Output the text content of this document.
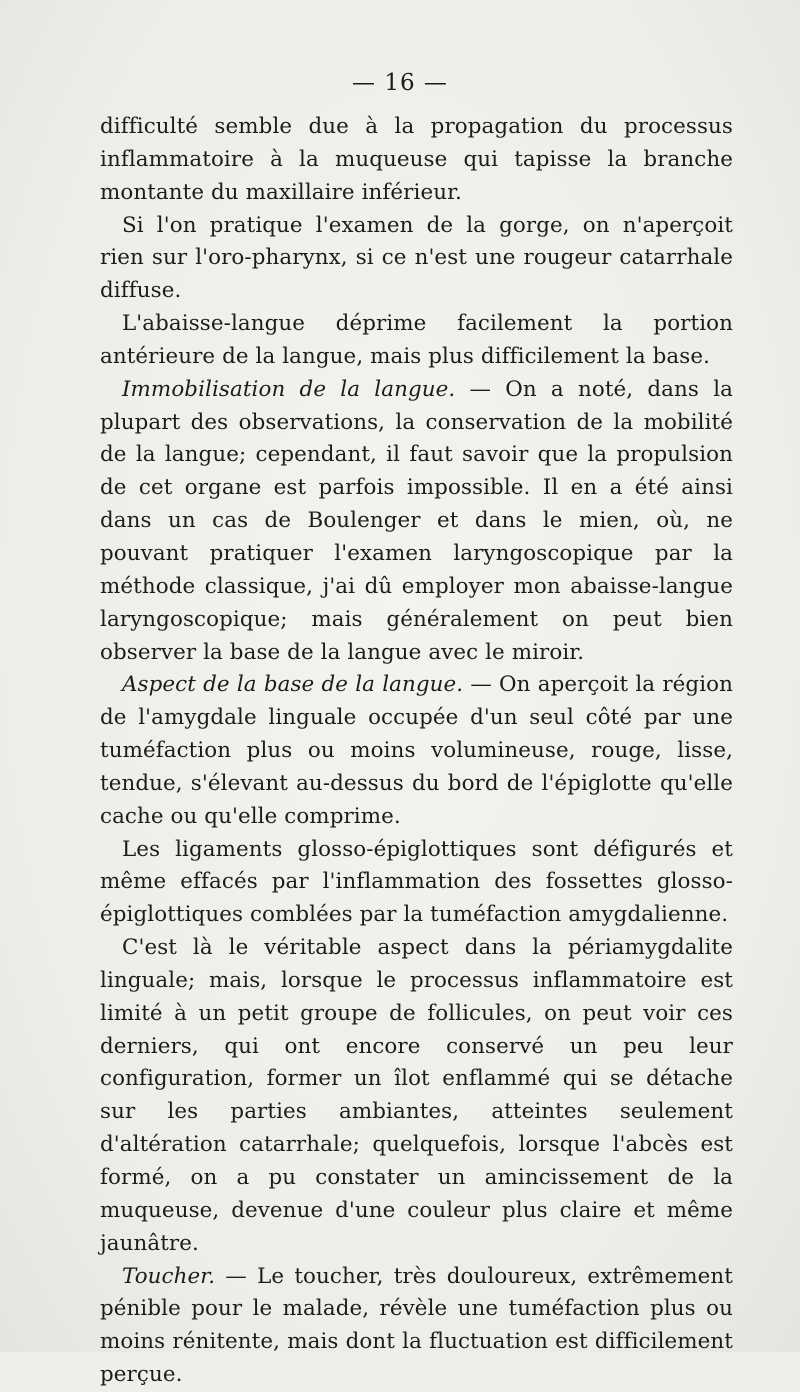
— 16 —

difficulté semble due à la propagation du processus inflammatoire à la muqueuse qui tapisse la branche montante du maxillaire inférieur.

Si l'on pratique l'examen de la gorge, on n'aperçoit rien sur l'oro-pharynx, si ce n'est une rougeur catarrhale diffuse.

L'abaisse-langue déprime facilement la portion antérieure de la langue, mais plus difficilement la base.

Immobilisation de la langue. — On a noté, dans la plupart des observations, la conservation de la mobilité de la langue; cependant, il faut savoir que la propulsion de cet organe est parfois impossible. Il en a été ainsi dans un cas de Boulenger et dans le mien, où, ne pouvant pratiquer l'examen laryngoscopique par la méthode classique, j'ai dû employer mon abaisse-langue laryngoscopique; mais généralement on peut bien observer la base de la langue avec le miroir.

Aspect de la base de la langue. — On aperçoit la région de l'amygdale linguale occupée d'un seul côté par une tuméfaction plus ou moins volumineuse, rouge, lisse, tendue, s'élevant au-dessus du bord de l'épiglotte qu'elle cache ou qu'elle comprime.

Les ligaments glosso-épiglottiques sont défigurés et même effacés par l'inflammation des fossettes glosso-épiglottiques comblées par la tuméfaction amygdalienne.

C'est là le véritable aspect dans la périamygdalite linguale; mais, lorsque le processus inflammatoire est limité à un petit groupe de follicules, on peut voir ces derniers, qui ont encore conservé un peu leur configuration, former un îlot enflammé qui se détache sur les parties ambiantes, atteintes seulement d'altération catarrhale; quelquefois, lorsque l'abcès est formé, on a pu constater un amincissement de la muqueuse, devenue d'une couleur plus claire et même jaunâtre.

Toucher. — Le toucher, très douloureux, extrêmement pénible pour le malade, révèle une tuméfaction plus ou moins rénitente, mais dont la fluctuation est difficilement perçue.
